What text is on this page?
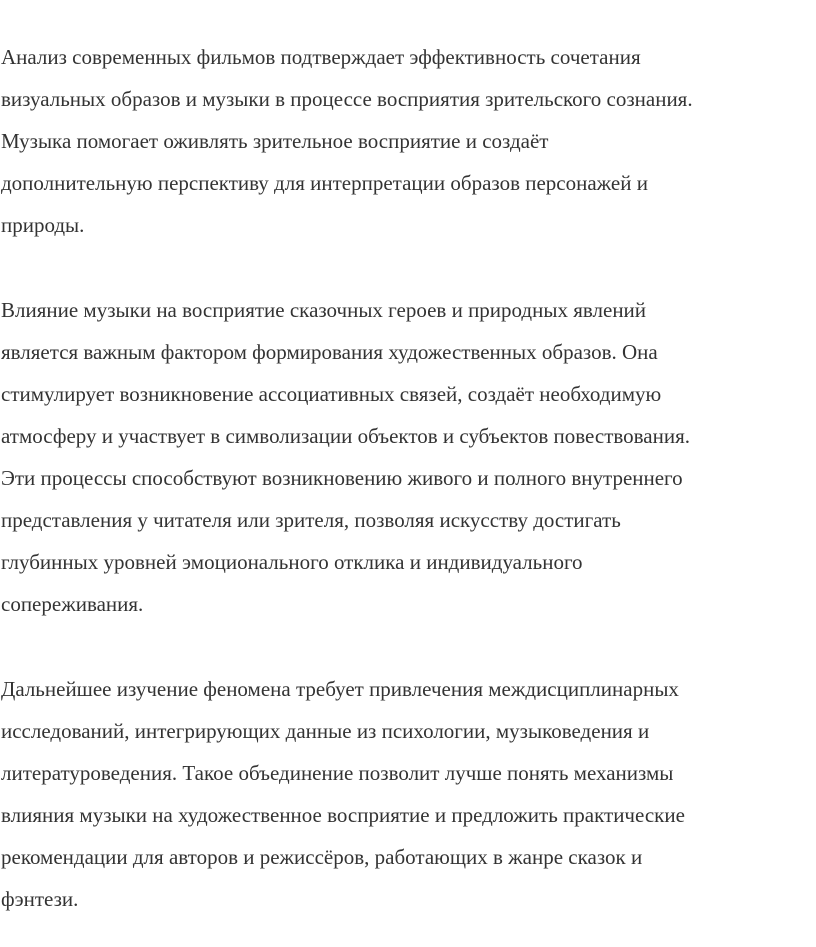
Анализ современных фильмов подтверждает эффективность сочетания
визуальных образов и музыки в процессе восприятия зрительского сознания.
Музыка помогает оживлять зрительное восприятие и создаёт
дополнительную перспективу для интерпретации образов персонажей и
природы.

Влияние музыки на восприятие сказочных героев и природных явлений
является важным фактором формирования художественных образов. Она
стимулирует возникновение ассоциативных связей, создаёт необходимую
атмосферу и участвует в символизации объектов и субъектов повествования.
Эти процессы способствуют возникновению живого и полного внутреннего
представления у читателя или зрителя, позволяя искусству достигать
глубинных уровней эмоционального отклика и индивидуального
сопереживания.

Дальнейшее изучение феномена требует привлечения междисциплинарных
исследований, интегрирующих данные из психологии, музыковедения и
литературоведения. Такое объединение позволит лучше понять механизмы
влияния музыки на художественное восприятие и предложить практические
рекомендации для авторов и режиссёров, работающих в жанре сказок и
фэнтези.
